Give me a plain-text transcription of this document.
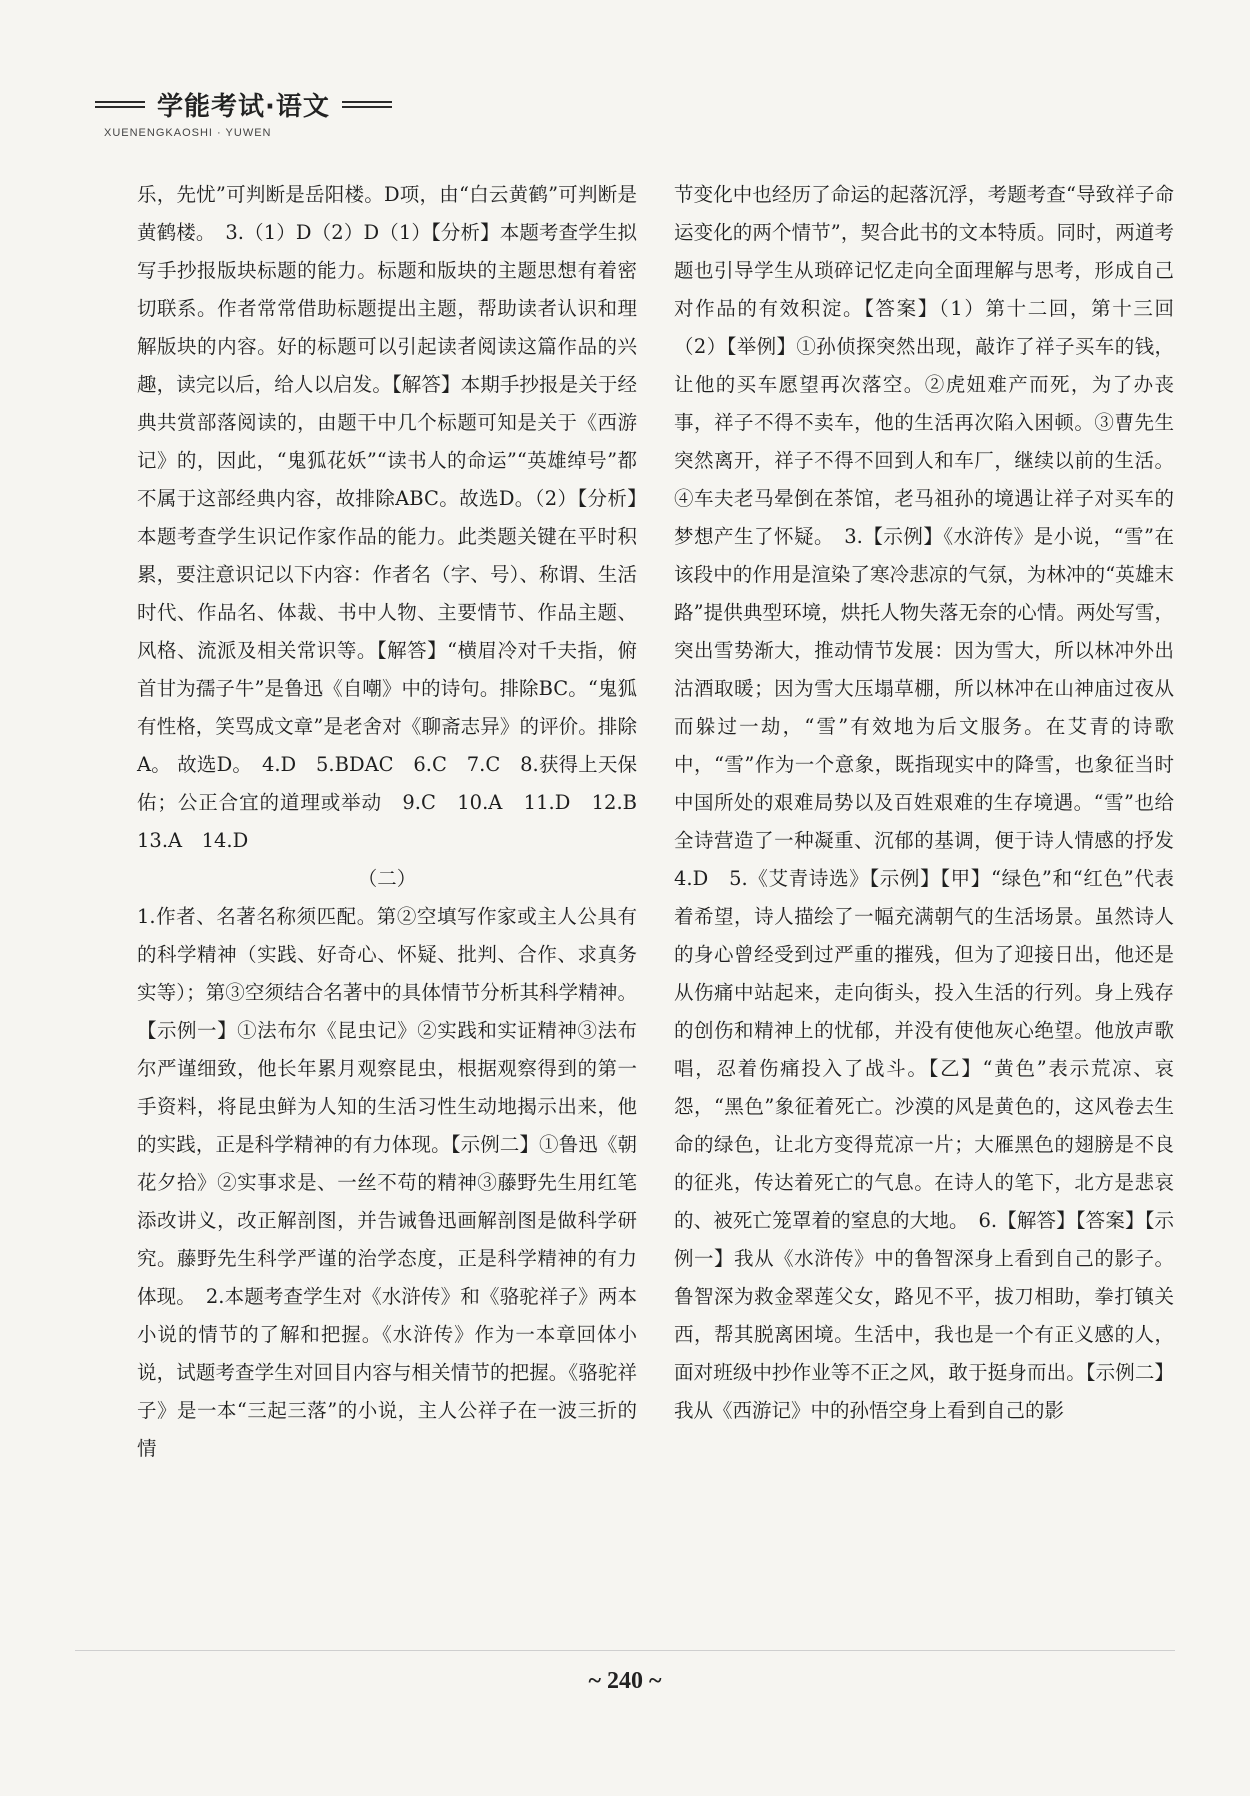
学能考试·语文
XUENENGKAOSHI · YUWEN

乐，先忧”可判断是岳阳楼。D项，由“白云黄鹤”可判断是黄鹤楼。　3.（1）D（2）D（1）【分析】本题考查学生拟写手抄报版块标题的能力。标题和版块的主题思想有着密切联系。作者常常借助标题提出主题，帮助读者认识和理解版块的内容。好的标题可以引起读者阅读这篇作品的兴趣，读完以后，给人以启发。【解答】本期手抄报是关于经典共赏部落阅读的，由题干中几个标题可知是关于《西游记》的，因此，“鬼狐花妖”“读书人的命运”“英雄绰号”都不属于这部经典内容，故排除ABC。故选D。（2）【分析】本题考查学生识记作家作品的能力。此类题关键在平时积累，要注意识记以下内容：作者名（字、号）、称谓、生活时代、作品名、体裁、书中人物、主要情节、作品主题、风格、流派及相关常识等。【解答】“横眉冷对千夫指，俯首甘为孺子牛”是鲁迅《自嘲》中的诗句。排除BC。“鬼狐有性格，笑骂成文章”是老舍对《聊斋志异》的评价。排除A。 故选D。　4.D　5.BDAC　6.C　7.C　8.获得上天保佑；公正合宜的道理或举动　9.C　10.A　11.D　12.B　13.A　14.D

（二）

1.作者、名著名称须匹配。第②空填写作家或主人公具有的科学精神（实践、好奇心、怀疑、批判、合作、求真务实等）；第③空须结合名著中的具体情节分析其科学精神。【示例一】①法布尔《昆虫记》②实践和实证精神③法布尔严谨细致，他长年累月观察昆虫，根据观察得到的第一手资料，将昆虫鲜为人知的生活习性生动地揭示出来，他的实践，正是科学精神的有力体现。【示例二】①鲁迅《朝花夕拾》②实事求是、一丝不苟的精神③藤野先生用红笔添改讲义，改正解剖图，并告诫鲁迅画解剖图是做科学研究。藤野先生科学严谨的治学态度，正是科学精神的有力体现。　2.本题考查学生对《水浒传》和《骆驼祥子》两本小说的情节的了解和把握。《水浒传》作为一本章回体小说，试题考查学生对回目内容与相关情节的把握。《骆驼祥子》是一本“三起三落”的小说，主人公祥子在一波三折的情

节变化中也经历了命运的起落沉浮，考题考查“导致祥子命运变化的两个情节”，契合此书的文本特质。同时，两道考题也引导学生从琐碎记忆走向全面理解与思考，形成自己对作品的有效积淀。【答案】（1）第十二回，第十三回（2）【举例】①孙侦探突然出现，敲诈了祥子买车的钱，让他的买车愿望再次落空。②虎妞难产而死，为了办丧事，祥子不得不卖车，他的生活再次陷入困顿。③曹先生突然离开，祥子不得不回到人和车厂，继续以前的生活。④车夫老马晕倒在茶馆，老马祖孙的境遇让祥子对买车的梦想产生了怀疑。　3.【示例】《水浒传》是小说，“雪”在该段中的作用是渲染了寒冷悲凉的气氛，为林冲的“英雄末路”提供典型环境，烘托人物失落无奈的心情。两处写雪，突出雪势渐大，推动情节发展：因为雪大，所以林冲外出沽酒取暖；因为雪大压塌草棚，所以林冲在山神庙过夜从而躲过一劫，“雪”有效地为后文服务。在艾青的诗歌中，“雪”作为一个意象，既指现实中的降雪，也象征当时中国所处的艰难局势以及百姓艰难的生存境遇。“雪”也给全诗营造了一种凝重、沉郁的基调，便于诗人情感的抒发　4.D　5.《艾青诗选》【示例】【甲】“绿色”和“红色”代表着希望，诗人描绘了一幅充满朝气的生活场景。虽然诗人的身心曾经受到过严重的摧残，但为了迎接日出，他还是从伤痛中站起来，走向街头，投入生活的行列。身上残存的创伤和精神上的忧郁，并没有使他灰心绝望。他放声歌唱，忍着伤痛投入了战斗。【乙】“黄色”表示荒凉、哀怨，“黑色”象征着死亡。沙漠的风是黄色的，这风卷去生命的绿色，让北方变得荒凉一片；大雁黑色的翅膀是不良的征兆，传达着死亡的气息。在诗人的笔下，北方是悲哀的、被死亡笼罩着的窒息的大地。　6.【解答】【答案】【示例一】我从《水浒传》中的鲁智深身上看到自己的影子。鲁智深为救金翠莲父女，路见不平，拔刀相助，拳打镇关西，帮其脱离困境。生活中，我也是一个有正义感的人，面对班级中抄作业等不正之风，敢于挺身而出。【示例二】我从《西游记》中的孙悟空身上看到自己的影

~ 240 ~
